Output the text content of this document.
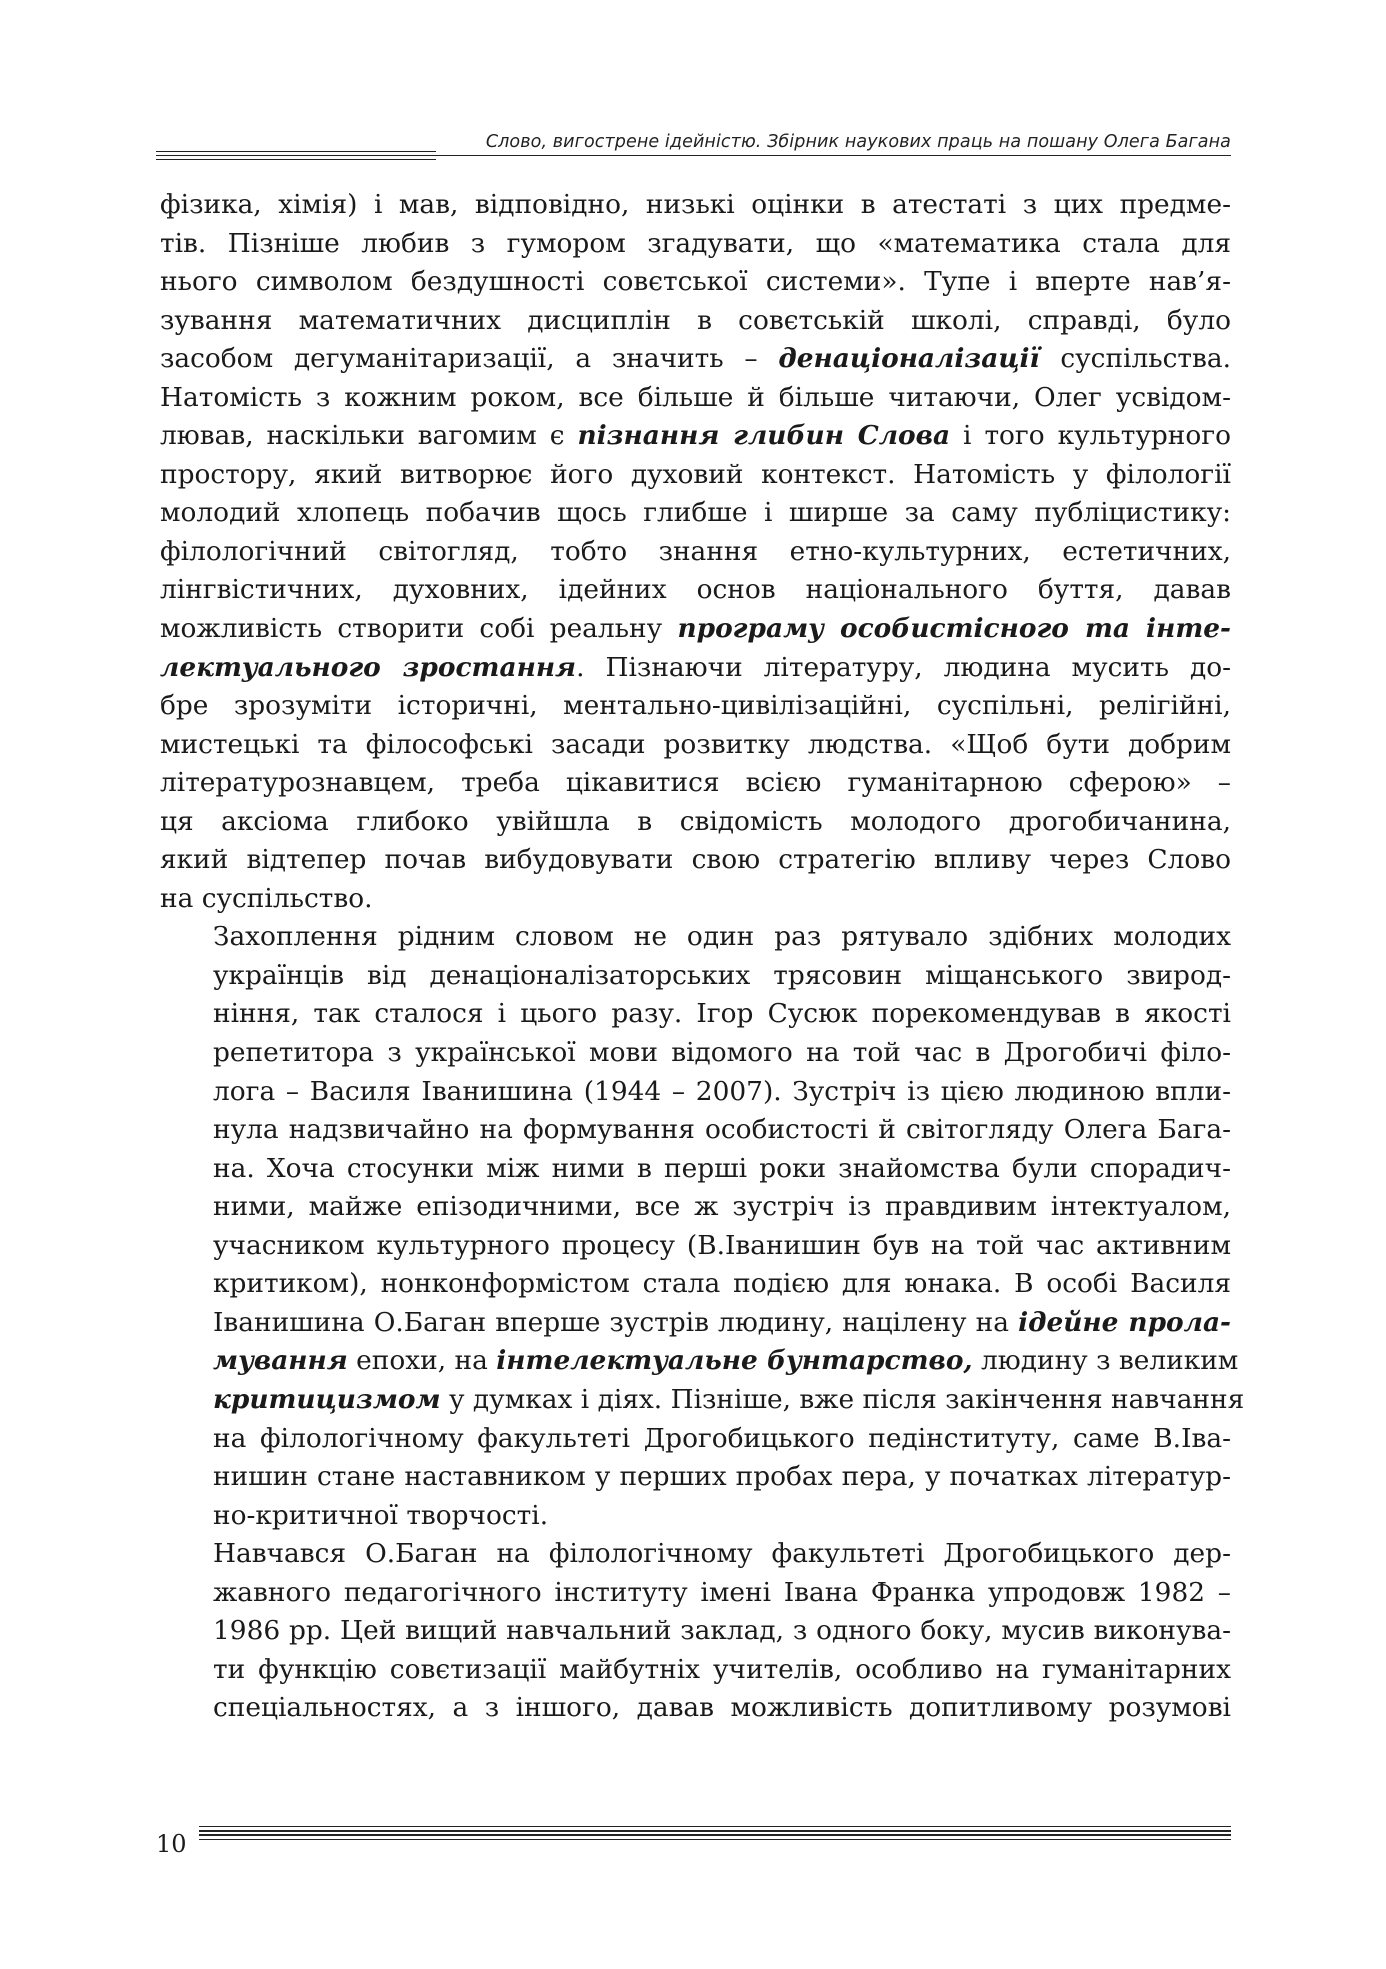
Слово, вигострене ідейністю. Збірник наукових праць на пошану Олега Багана

фізика, хімія) і мав, відповідно, низькі оцінки в атестаті з цих предме-
тів. Пізніше любив з гумором згадувати, що «математика стала для
нього символом бездушності совєтської системи». Тупе і вперте нав’я-
зування математичних дисциплін в совєтській школі, справді, було
засобом дегуманітаризації, а значить – денаціоналізації суспільства.
Натомість з кожним роком, все більше й більше читаючи, Олег усвідом-
лював, наскільки вагомим є пізнання глибин Слова і того культурного
простору, який витворює його духовий контекст. Натомість у філології
молодий хлопець побачив щось глибше і ширше за саму публіцистику:
філологічний світогляд, тобто знання етно-культурних, естетичних,
лінгвістичних, духовних, ідейних основ національного буття, давав
можливість створити собі реальну програму особистісного та інте-
лектуального зростання. Пізнаючи літературу, людина мусить до-
бре зрозуміти історичні, ментально-цивілізаційні, суспільні, релігійні,
мистецькі та філософські засади розвитку людства. «Щоб бути добрим
літературознавцем, треба цікавитися всією гуманітарною сферою» –
ця аксіома глибоко увійшла в свідомість молодого дрогобичанина,
який відтепер почав вибудовувати свою стратегію впливу через Слово
на суспільство.

Захоплення рідним словом не один раз рятувало здібних молодих
українців від денаціоналізаторських трясовин міщанського звирод-
ніння, так сталося і цього разу. Ігор Сусюк порекомендував в якості
репетитора з української мови відомого на той час в Дрогобичі філо-
лога – Василя Іванишина (1944 – 2007). Зустріч із цією людиною впли-
нула надзвичайно на формування особистості й світогляду Олега Бага-
на. Хоча стосунки між ними в перші роки знайомства були спорадич-
ними, майже епізодичними, все ж зустріч із правдивим інтектуалом,
учасником культурного процесу (В.Іванишин був на той час активним
критиком), нонконформістом стала подією для юнака. В особі Василя
Іванишина О.Баган вперше зустрів людину, націлену на ідейне прола-
мування епохи, на інтелектуальне бунтарство, людину з великим
критицизмом у думках і діях. Пізніше, вже після закінчення навчання
на філологічному факультеті Дрогобицького педінституту, саме В.Іва-
нишин стане наставником у перших пробах пера, у початках літератур-
но-критичної творчості.

Навчався О.Баган на філологічному факультеті Дрогобицького дер-
жавного педагогічного інституту імені Івана Франка упродовж 1982 –
1986 рр. Цей вищий навчальний заклад, з одного боку, мусив виконува-
ти функцію совєтизації майбутніх учителів, особливо на гуманітарних
спеціальностях, а з іншого, давав можливість допитливому розумові

10
